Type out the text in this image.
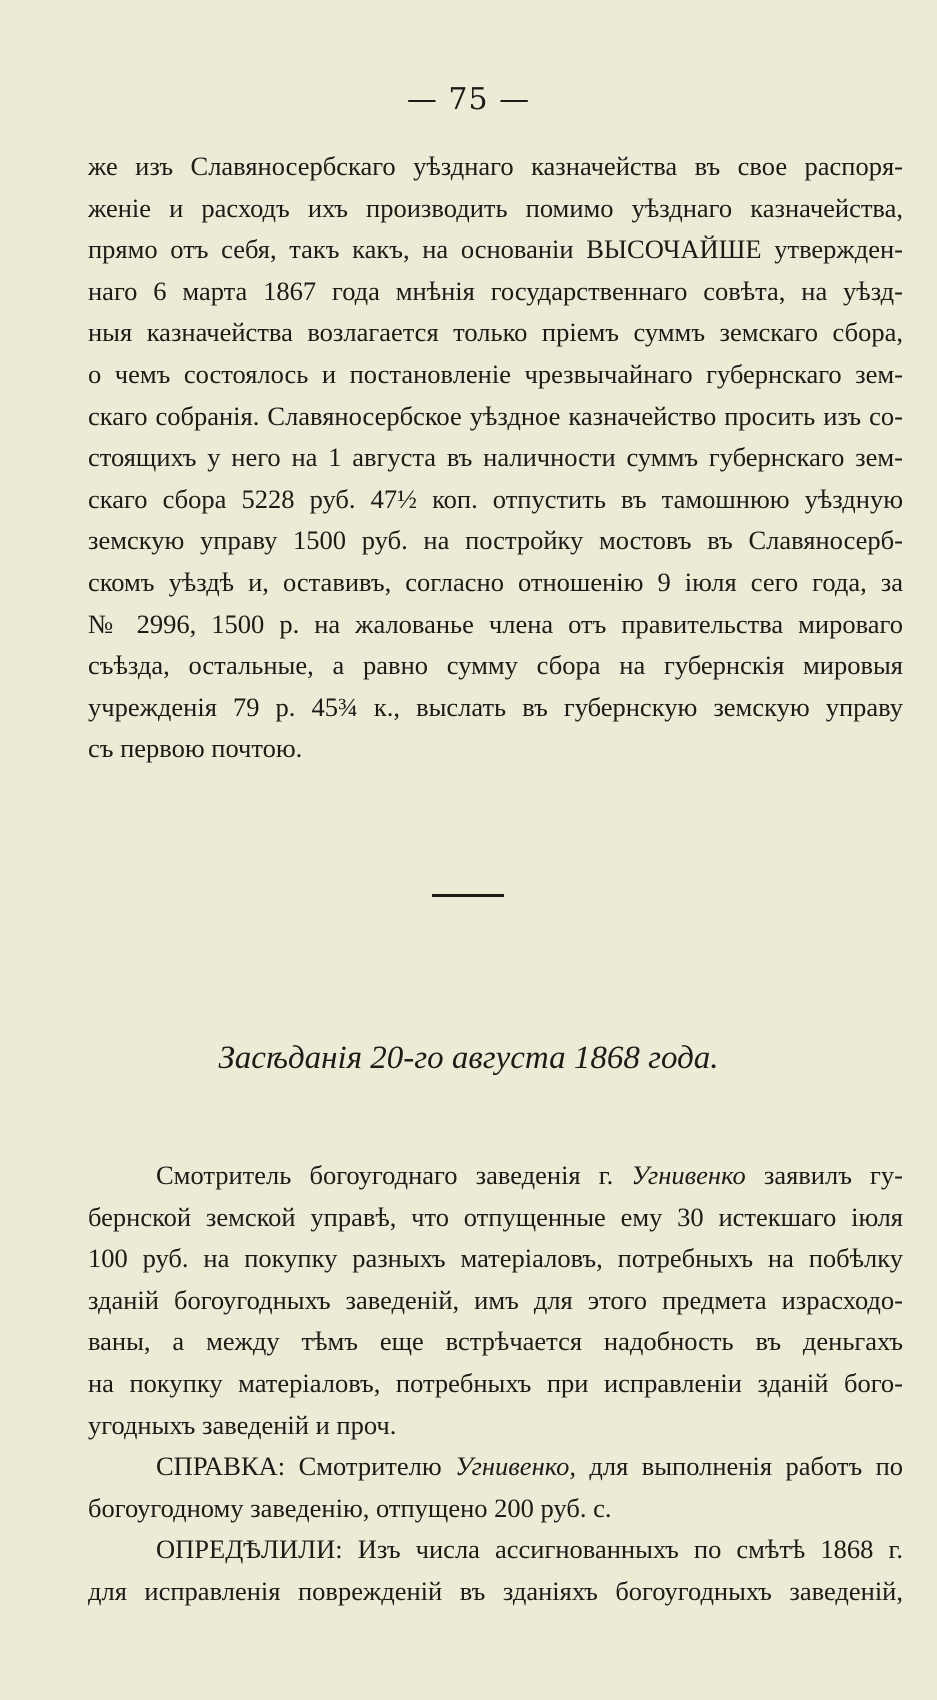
— 75 —
же изъ Славяносербскаго уѣзднаго казначейства въ свое распоря-
женіе и расходъ ихъ производить помимо уѣзднаго казначейства,
прямо отъ себя, такъ какъ, на основаніи ВЫСОЧАЙШЕ утвержден-
наго 6 марта 1867 года мнѣнія государственнаго совѣта, на уѣзд-
ныя казначейства возлагается только пріемъ суммъ земскаго сбора,
о чемъ состоялось и постановленіе чрезвычайнаго губернскаго зем-
скаго собранія. Славяносербское уѣздное казначейство просить изъ со-
стоящихъ у него на 1 августа въ наличности суммъ губернскаго зем-
скаго сбора 5228 руб. 47½ коп. отпустить въ тамошнюю уѣздную
земскую управу 1500 руб. на постройку мостовъ въ Славяносерб-
скомъ уѣздѣ и, оставивъ, согласно отношенію 9 іюля сего года, за
№ 2996, 1500 р. на жалованье члена отъ правительства мироваго
съѣзда, остальные, а равно сумму сбора на губернскія мировыя
учрежденія 79 р. 45¾ к., выслать въ губернскую земскую управу
съ первою почтою.
Засѣданія 20-го августа 1868 года.
Смотритель богоугоднаго заведенія г. Угнивенко заявилъ гу-
бернской земской управѣ, что отпущенные ему 30 истекшаго іюля
100 руб. на покупку разныхъ матеріаловъ, потребныхъ на побѣлку
зданій богоугодныхъ заведеній, имъ для этого предмета израсходо-
ваны, а между тѣмъ еще встрѣчается надобность въ деньгахъ
на покупку матеріаловъ, потребныхъ при исправленіи зданій бого-
угодныхъ заведеній и проч.
СПРАВКА: Смотрителю Угнивенко, для выполненія работъ по
богоугодному заведенію, отпущено 200 руб. с.
ОПРЕДѢЛИЛИ: Изъ числа ассигнованныхъ по смѣтѣ 1868 г.
для исправленія поврежденій въ зданіяхъ богоугодныхъ заведеній,
